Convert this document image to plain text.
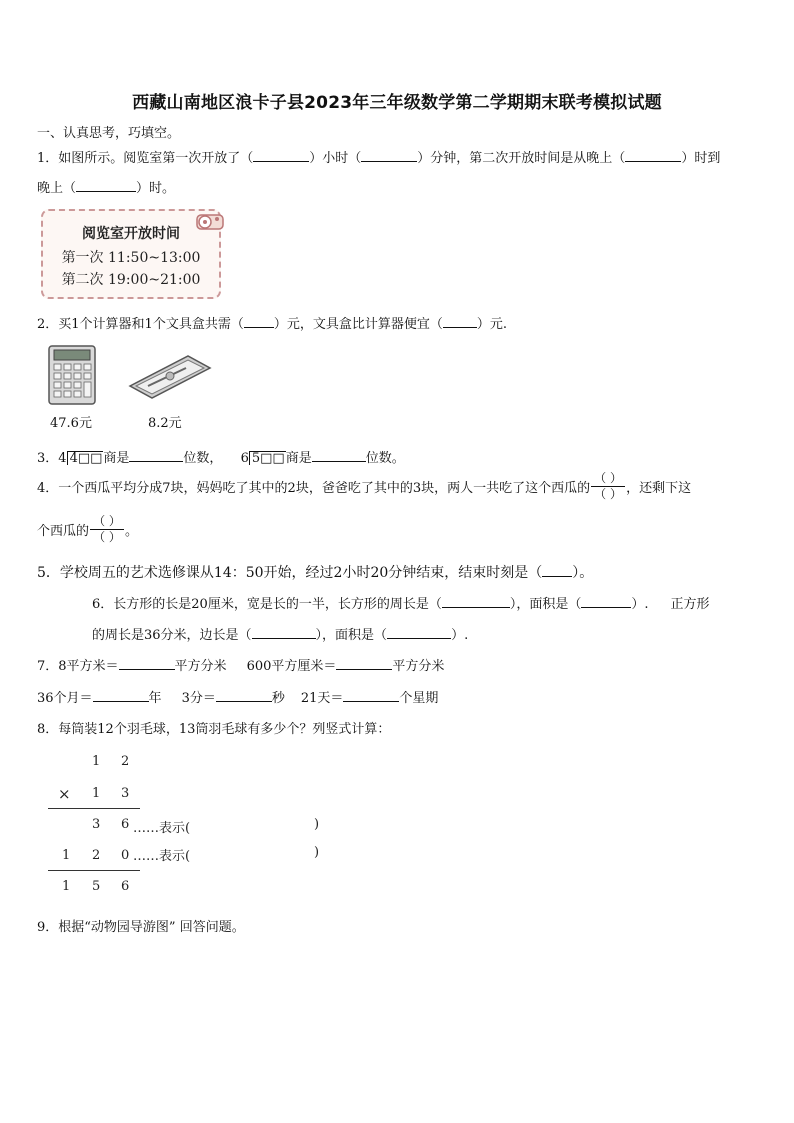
西藏山南地区浪卡子县2023年三年级数学第二学期期末联考模拟试题
一、认真思考，巧填空。
1．如图所示。阅览室第一次开放了（	）小时（	）分钟，第二次开放时间是从晚上（	）时到
晚上（	）时。
阅览室开放时间
第一次 11:50~13:00
第二次 19:00~21:00
2．买1个计算器和1个文具盒共需（ ）元，文具盒比计算器便宜（	）元.
47.6元	8.2元
3．4 4□□商是	位数， 6 5□□商是	位数。
4．一个西瓜平均分成7块，妈妈吃了其中的2块，爸爸吃了其中的3块，两人一共吃了这个西瓜的 $\frac{( )}{( )}$ ，还剩下这
个西瓜的 $\frac{( )}{( )}$ 。
5．学校周五的艺术选修课从14：50开始，经过2小时20分钟结束，结束时刻是（ ）。
6．长方形的长是20厘米，宽是长的一半，长方形的周长是（	），面积是（	）. 正方形
的周长是36分米，边长是（	），面积是（	）.
7．8平方米＝	平方分米 600平方厘米＝	平方分米
36个月＝	年 3分＝	秒 21天＝	个星期
8．每筒装12个羽毛球，13筒羽毛球有多少个？列竖式计算：
1 2
× 1 3
3 6 ……表示(	)
1 2 0 ……表示(	)
1 5 6
9．根据“动物园导游图” 回答问题。
